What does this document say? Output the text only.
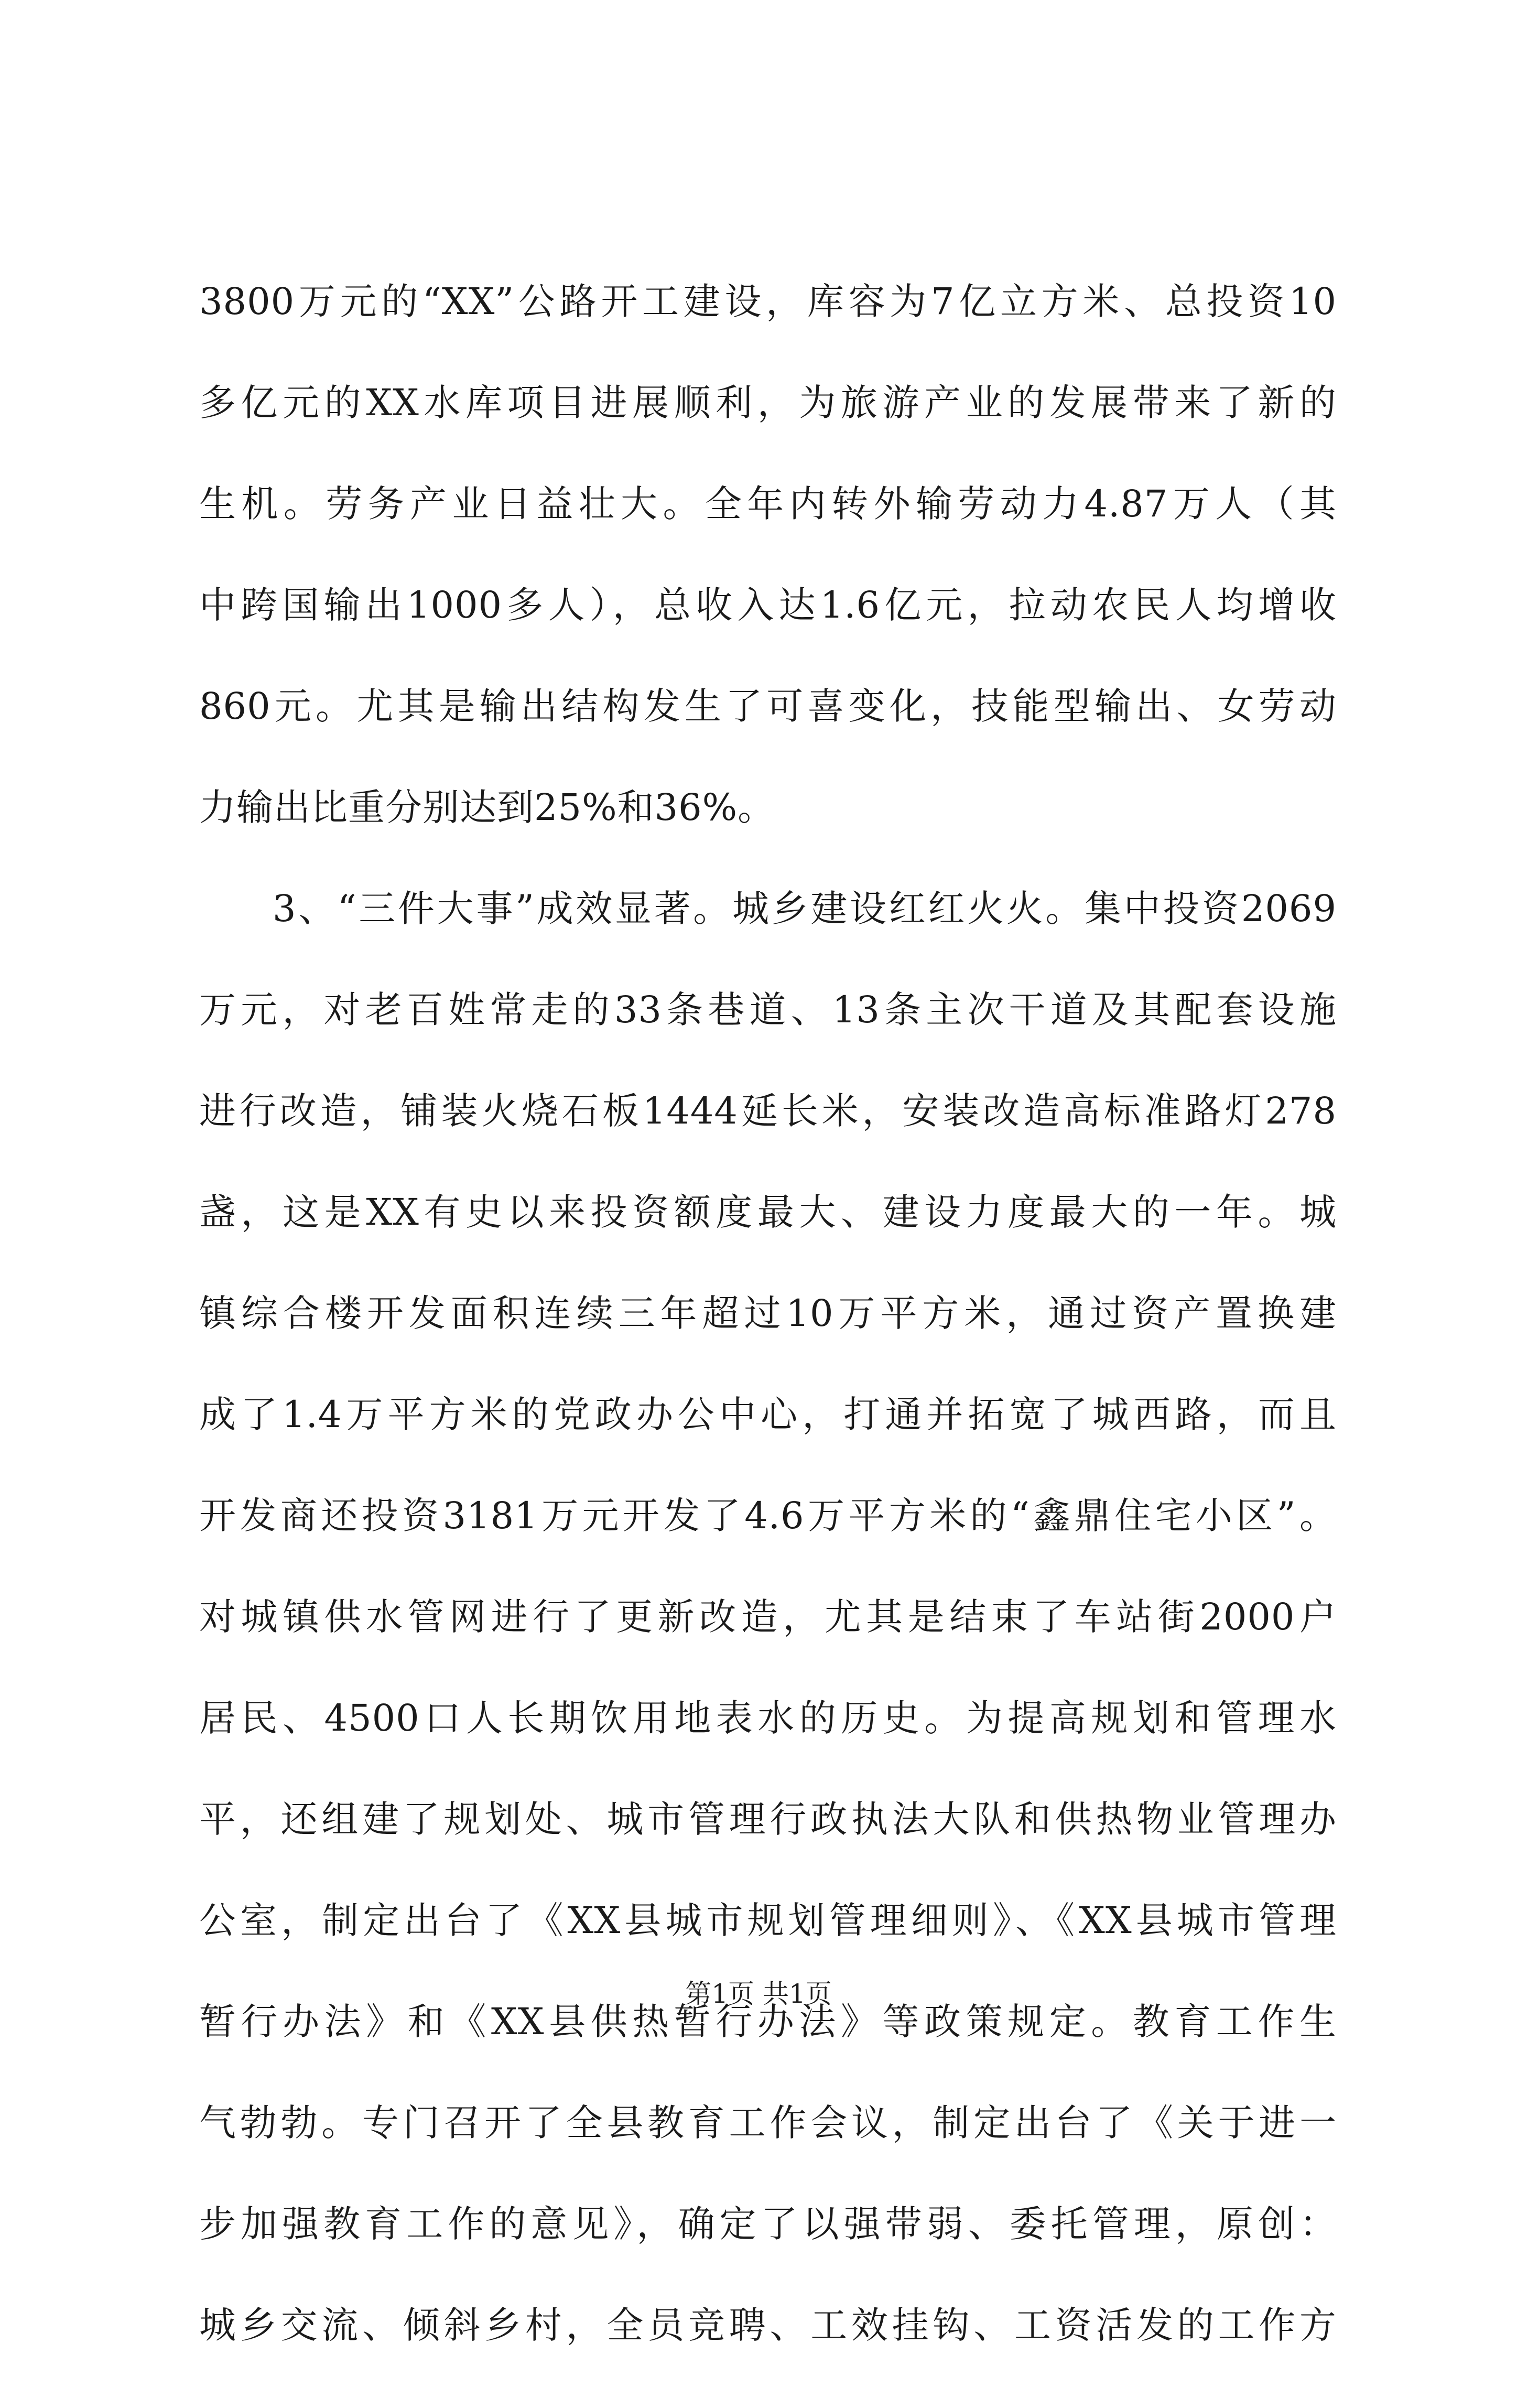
3800万元的“XX”公路开工建设，库容为7亿立方米、总投资10
多亿元的XX水库项目进展顺利，为旅游产业的发展带来了新的
生机。劳务产业日益壮大。全年内转外输劳动力4.87万人（其
中跨国输出1000多人），总收入达1.6亿元，拉动农民人均增收
860元。尤其是输出结构发生了可喜变化，技能型输出、女劳动
力输出比重分别达到25%和36%。
3、“三件大事”成效显著。城乡建设红红火火。集中投资2069
万元，对老百姓常走的33条巷道、13条主次干道及其配套设施
进行改造，铺装火烧石板1444延长米，安装改造高标准路灯278
盏，这是XX有史以来投资额度最大、建设力度最大的一年。城
镇综合楼开发面积连续三年超过10万平方米，通过资产置换建
成了1.4万平方米的党政办公中心，打通并拓宽了城西路，而且
开发商还投资3181万元开发了4.6万平方米的“鑫鼎住宅小区”。
对城镇供水管网进行了更新改造，尤其是结束了车站街2000户
居民、4500口人长期饮用地表水的历史。为提高规划和管理水
平，还组建了规划处、城市管理行政执法大队和供热物业管理办
公室，制定出台了《XX县城市规划管理细则》、《XX县城市管理
暂行办法》和《XX县供热暂行办法》等政策规定。教育工作生
气勃勃。专门召开了全县教育工作会议，制定出台了《关于进一
步加强教育工作的意见》，确定了以强带弱、委托管理，原创：
城乡交流、倾斜乡村，全员竞聘、工效挂钩、工资活发的工作方
第1页 共1页
